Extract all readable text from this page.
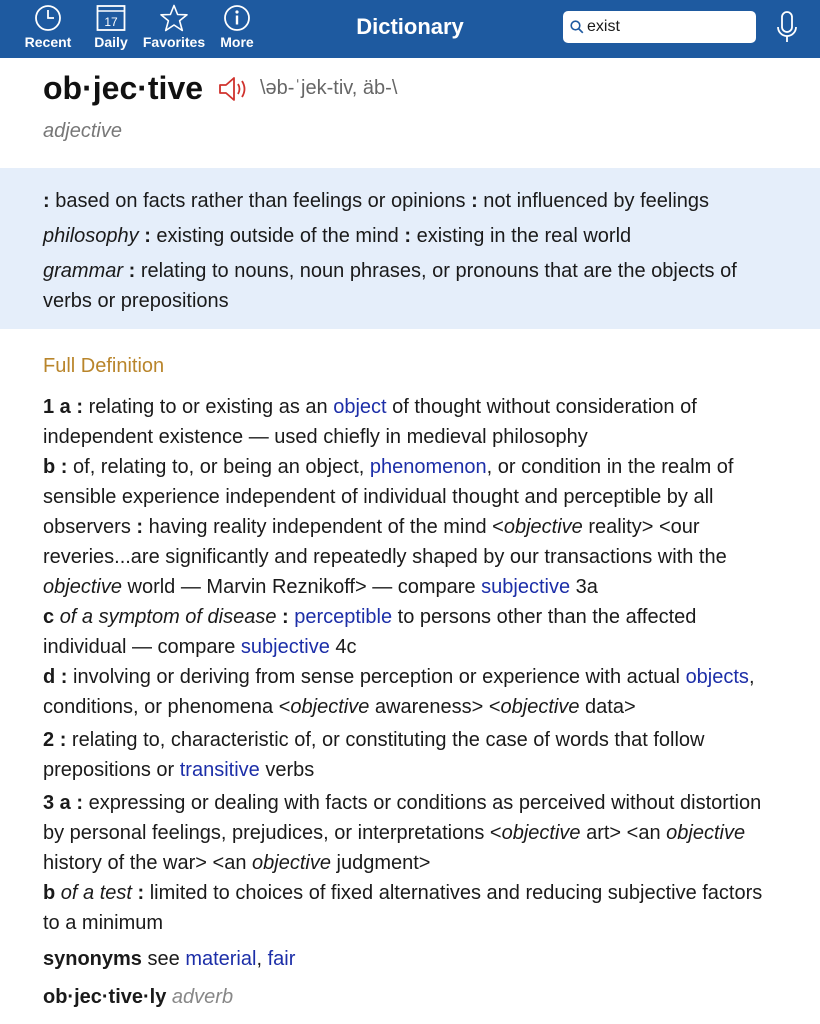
Recent
17
Daily	Favorites	More
Dictionary
exist
ob·jec·tive	\əb-ˈjek-tiv, äb-\
adjective

: based on facts rather than feelings or opinions : not influenced by feelings

philosophy : existing outside of the mind : existing in the real world

grammar : relating to nouns, noun phrases, or pronouns that are the objects of verbs or prepositions

Full Definition
1 a : relating to or existing as an object of thought without consideration of independent existence — used chiefly in medieval philosophy
b : of, relating to, or being an object, phenomenon, or condition in the realm of sensible experience independent of individual thought and perceptible by all observers : having reality independent of the mind <objective reality> <our reveries...are significantly and repeatedly shaped by our transactions with the objective world — Marvin Reznikoff> — compare subjective 3a
c of a symptom of disease : perceptible to persons other than the affected individual — compare subjective 4c
d : involving or deriving from sense perception or experience with actual objects, conditions, or phenomena <objective awareness> <objective data>
2 : relating to, characteristic of, or constituting the case of words that follow prepositions or transitive verbs
3 a : expressing or dealing with facts or conditions as perceived without distortion by personal feelings, prejudices, or interpretations <objective art> <an objective history of the war> <an objective judgment>
b of a test : limited to choices of fixed alternatives and reducing subjective factors to a minimum
synonyms see material, fair
ob·jec·tive·ly adverb
